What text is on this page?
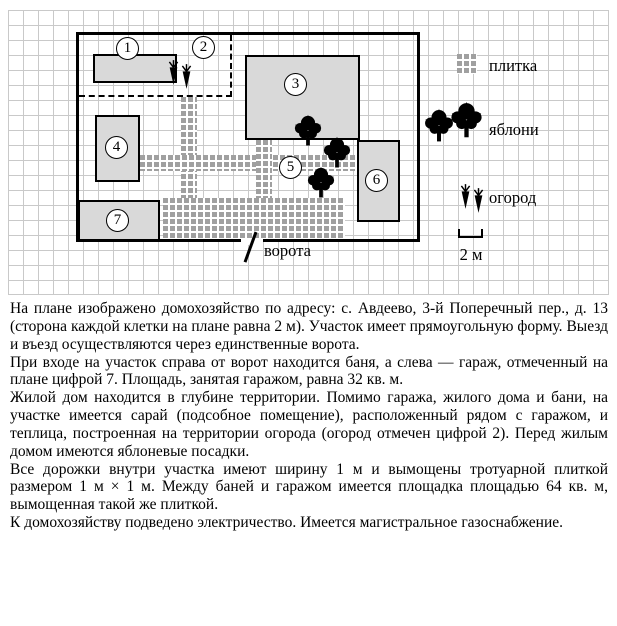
1	2
3
4
5
6
7
ворота
плитка
яблони
огород
2 м

На плане изображено домохозяйство по адресу: с. Авдеево, 3-й Поперечный пер., д. 13 (сторона каждой клетки на плане равна 2 м). Участок имеет прямоугольную форму. Выезд и въезд осуществляются через единственные ворота.

При входе на участок справа от ворот находится баня, а слева — гараж, отмеченный на плане цифрой 7. Площадь, занятая гаражом, равна 32 кв. м.

Жилой дом находится в глубине территории. Помимо гаража, жилого дома и бани, на участке имеется сарай (подсобное помещение), расположенный рядом с гаражом, и теплица, построенная на территории огорода (огород отмечен цифрой 2). Перед жилым домом имеются яблоневые посадки.

Все дорожки внутри участка имеют ширину 1 м и вымощены тротуарной плиткой размером 1 м × 1 м. Между баней и гаражом имеется площадка площадью 64 кв. м, вымощенная такой же плиткой.

К домохозяйству подведено электричество. Имеется магистральное газоснабжение.
